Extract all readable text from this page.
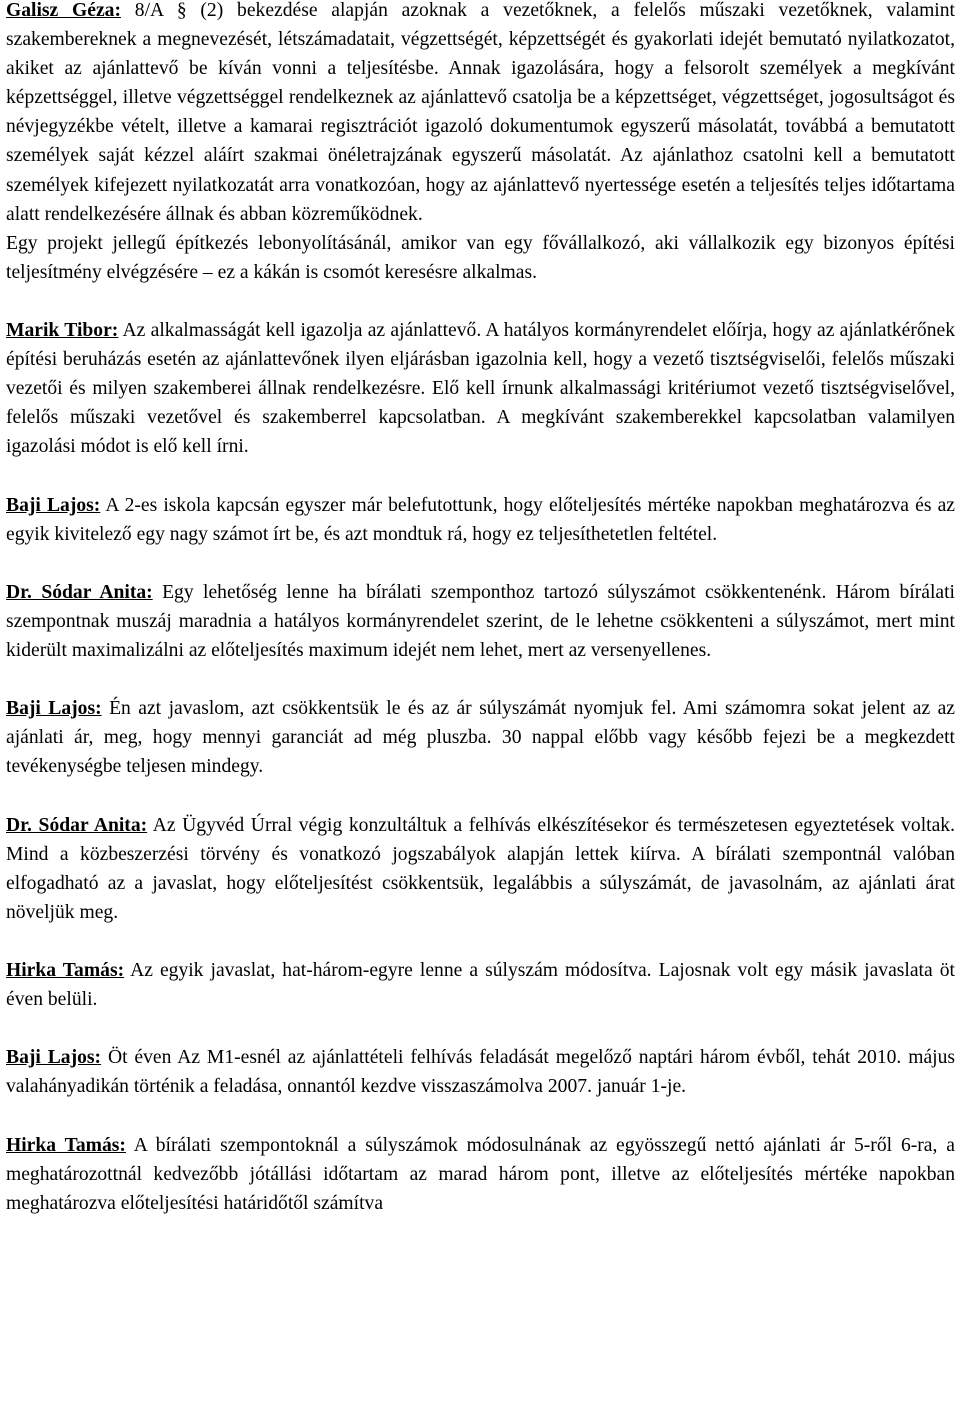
Galisz Géza: 8/A § (2) bekezdése alapján azoknak a vezetőknek, a felelős műszaki vezetőknek, valamint szakembereknek a megnevezését, létszámadatait, végzettségét, képzettségét és gyakorlati idejét bemutató nyilatkozatot, akiket az ajánlattevő be kíván vonni a teljesítésbe. Annak igazolására, hogy a felsorolt személyek a megkívánt képzettséggel, illetve végzettséggel rendelkeznek az ajánlattevő csatolja be a képzettséget, végzettséget, jogosultságot és névjegyzékbe vételt, illetve a kamarai regisztrációt igazoló dokumentumok egyszerű másolatát, továbbá a bemutatott személyek saját kézzel aláírt szakmai önéletrajzának egyszerű másolatát. Az ajánlathoz csatolni kell a bemutatott személyek kifejezett nyilatkozatát arra vonatkozóan, hogy az ajánlattevő nyertessége esetén a teljesítés teljes időtartama alatt rendelkezésére állnak és abban közreműködnek.

Egy projekt jellegű építkezés lebonyolításánál, amikor van egy fővállalkozó, aki vállalkozik egy bizonyos építési teljesítmény elvégzésére – ez a kákán is csomót keresésre alkalmas.

Marik Tibor: Az alkalmasságát kell igazolja az ajánlattevő. A hatályos kormányrendelet előírja, hogy az ajánlatkérőnek építési beruházás esetén az ajánlattevőnek ilyen eljárásban igazolnia kell, hogy a vezető tisztségviselői, felelős műszaki vezetői és milyen szakemberei állnak rendelkezésre. Elő kell írnunk alkalmassági kritériumot vezető tisztségviselővel, felelős műszaki vezetővel és szakemberrel kapcsolatban. A megkívánt szakemberekkel kapcsolatban valamilyen igazolási módot is elő kell írni.

Baji Lajos: A 2-es iskola kapcsán egyszer már belefutottunk, hogy előteljesítés mértéke napokban meghatározva és az egyik kivitelező egy nagy számot írt be, és azt mondtuk rá, hogy ez teljesíthetetlen feltétel.

Dr. Sódar Anita: Egy lehetőség lenne ha bírálati szemponthoz tartozó súlyszámot csökkentenénk. Három bírálati szempontnak muszáj maradnia a hatályos kormányrendelet szerint, de le lehetne csökkenteni a súlyszámot, mert mint kiderült maximalizálni az előteljesítés maximum idejét nem lehet, mert az versenyellenes.

Baji Lajos: Én azt javaslom, azt csökkentsük le és az ár súlyszámát nyomjuk fel. Ami számomra sokat jelent az az ajánlati ár, meg, hogy mennyi garanciát ad még pluszba. 30 nappal előbb vagy később fejezi be a megkezdett tevékenységbe teljesen mindegy.

Dr. Sódar Anita: Az Ügyvéd Úrral végig konzultáltuk a felhívás elkészítésekor és természetesen egyeztetések voltak. Mind a közbeszerzési törvény és vonatkozó jogszabályok alapján lettek kiírva. A bírálati szempontnál valóban elfogadható az a javaslat, hogy előteljesítést csökkentsük, legalábbis a súlyszámát, de javasolnám, az ajánlati árat növeljük meg.

Hirka Tamás: Az egyik javaslat, hat-három-egyre lenne a súlyszám módosítva. Lajosnak volt egy másik javaslata öt éven belüli.

Baji Lajos: Öt éven Az M1-esnél az ajánlattételi felhívás feladását megelőző naptári három évből, tehát 2010. május valahányadikán történik a feladása, onnantól kezdve visszaszámolva 2007. január 1-je.

Hirka Tamás: A bírálati szempontoknál a súlyszámok módosulnának az egyösszegű nettó ajánlati ár 5-ről 6-ra, a meghatározottnál kedvezőbb jótállási időtartam az marad három pont, illetve az előteljesítés mértéke napokban meghatározva előteljesítési határidőtől számítva
